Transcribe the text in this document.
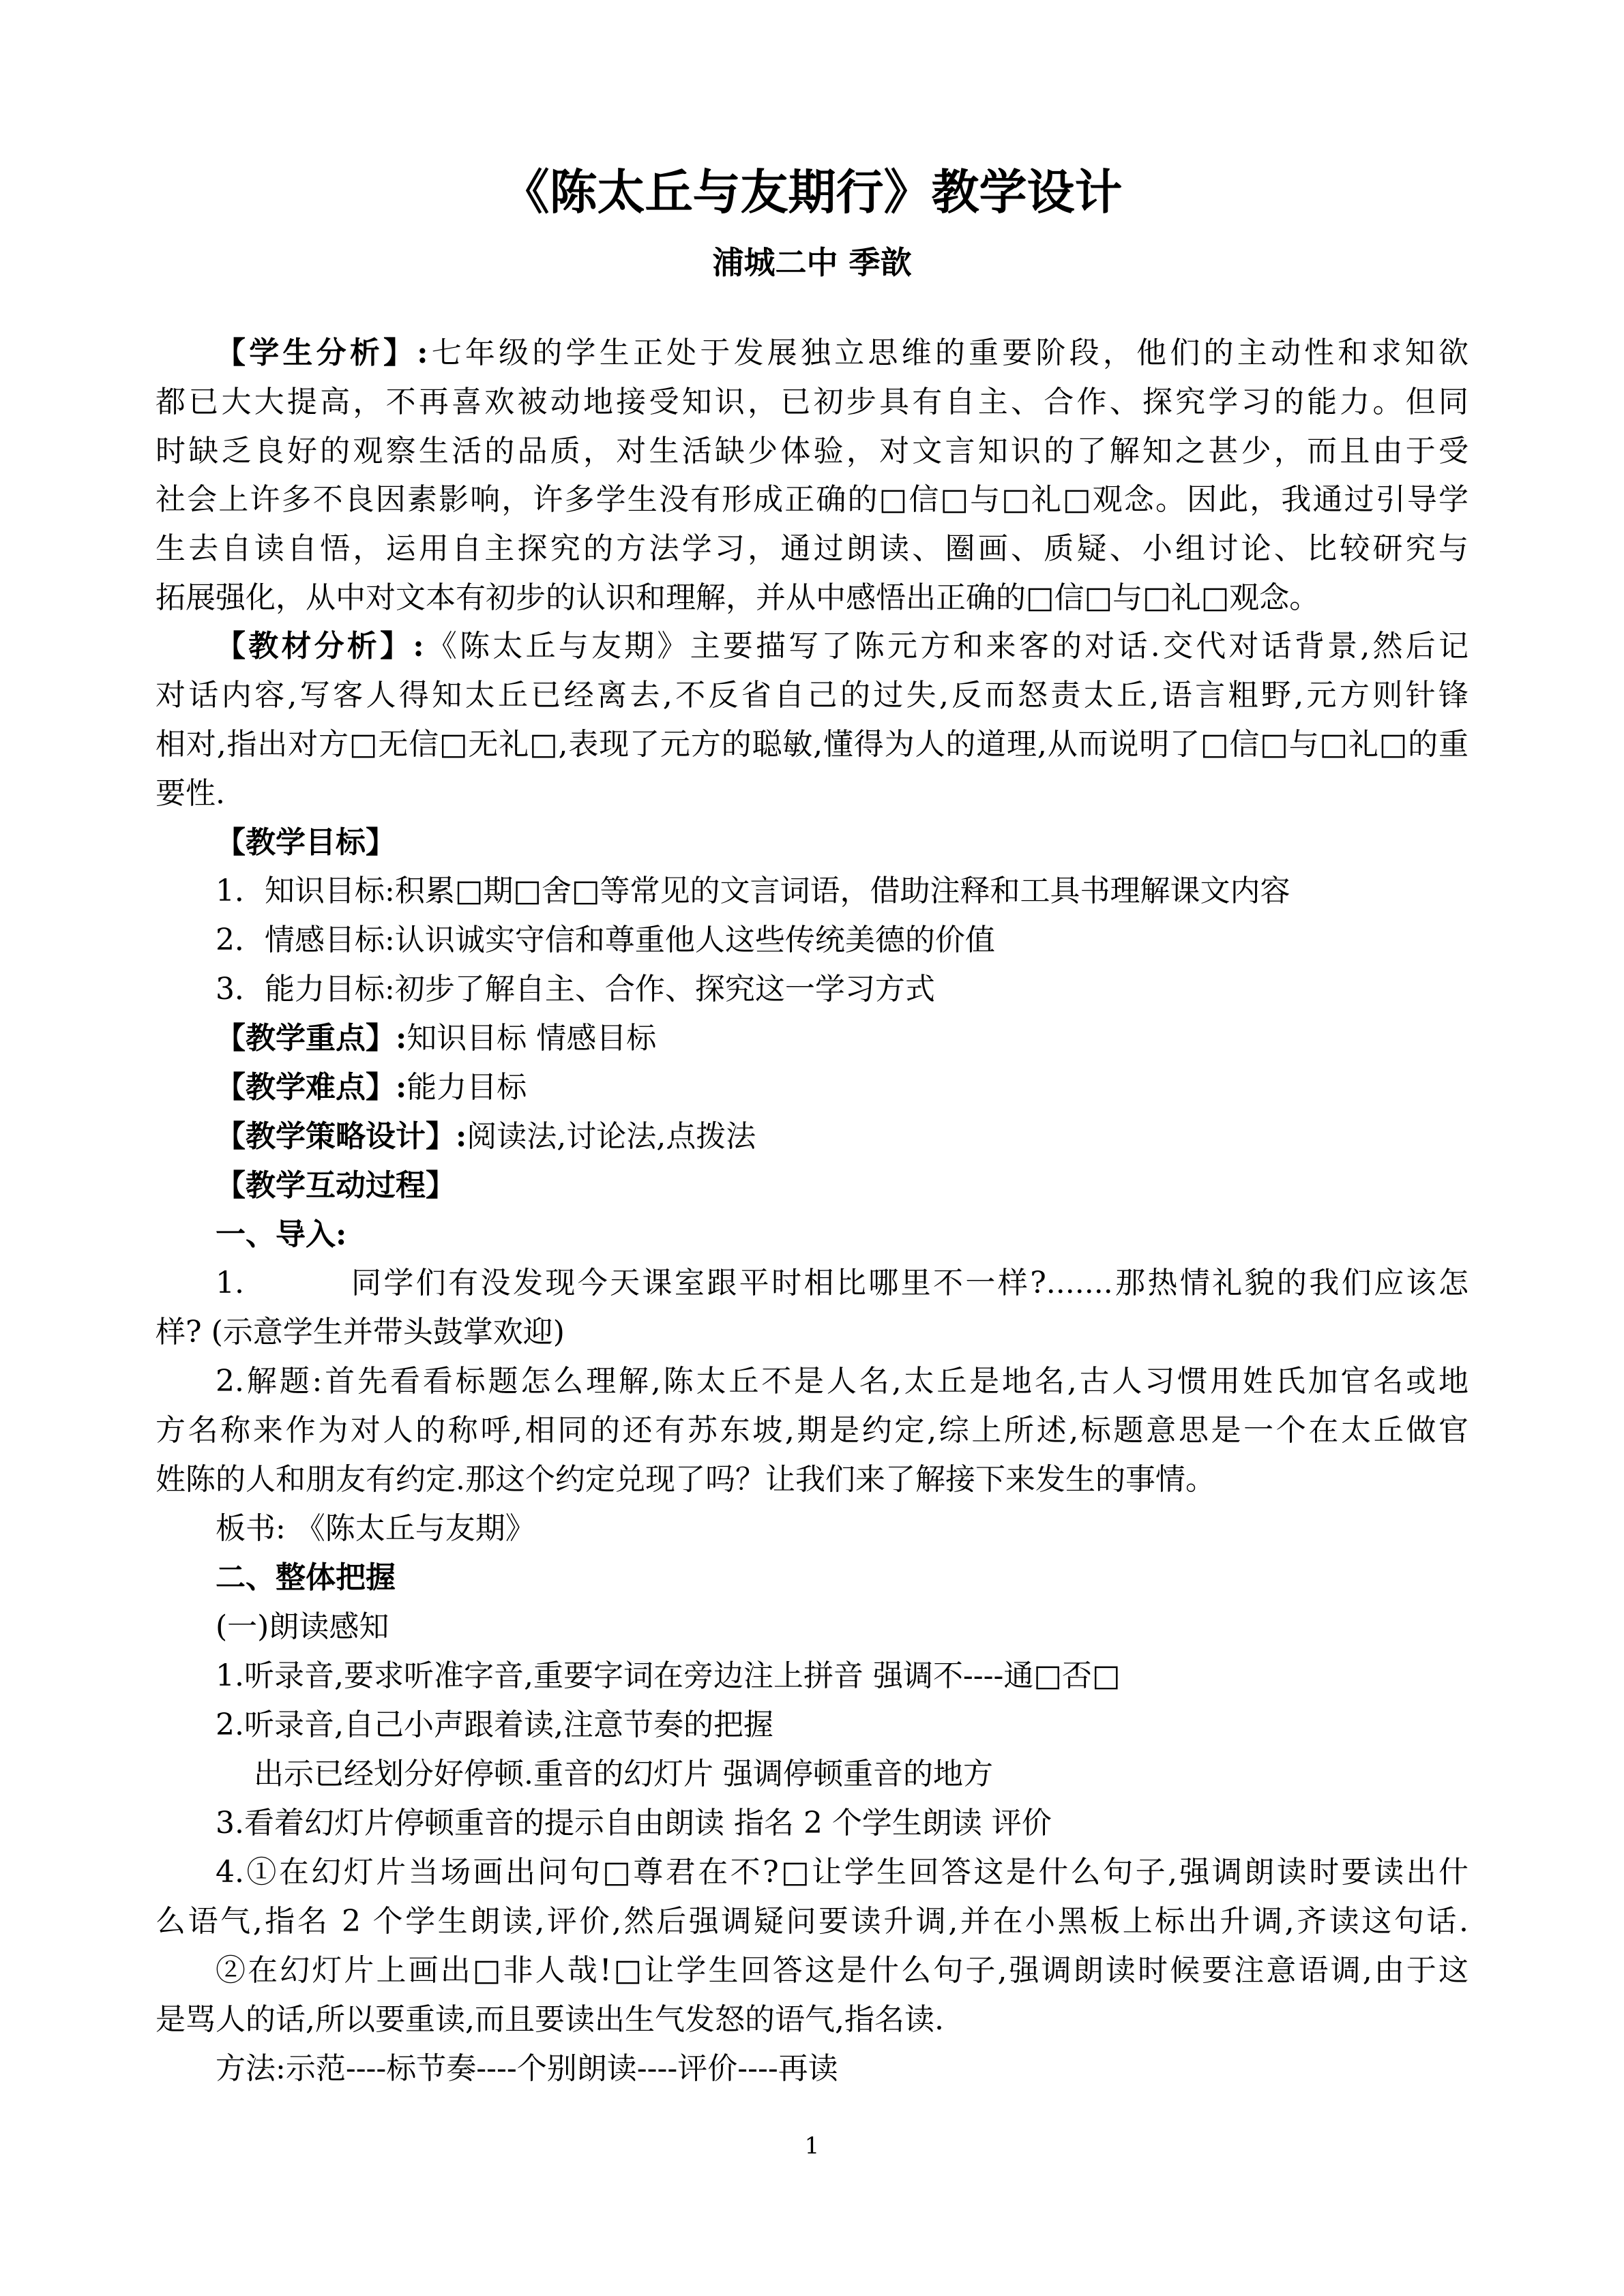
《陈太丘与友期行》教学设计
浦城二中 季歆
【学生分析】:七年级的学生正处于发展独立思维的重要阶段，他们的主动性和求知欲
都已大大提高，不再喜欢被动地接受知识，已初步具有自主、合作、探究学习的能力。但同
时缺乏良好的观察生活的品质，对生活缺少体验，对文言知识的了解知之甚少，而且由于受
社会上许多不良因素影响，许多学生没有形成正确的□信□与□礼□观念。因此，我通过引导学
生去自读自悟，运用自主探究的方法学习，通过朗读、圈画、质疑、小组讨论、比较研究与
拓展强化，从中对文本有初步的认识和理解，并从中感悟出正确的□信□与□礼□观念。
【教材分析】:《陈太丘与友期》主要描写了陈元方和来客的对话.交代对话背景,然后记
对话内容,写客人得知太丘已经离去,不反省自己的过失,反而怒责太丘,语言粗野,元方则针锋
相对,指出对方□无信□无礼□,表现了元方的聪敏,懂得为人的道理,从而说明了□信□与□礼□的重
要性.
【教学目标】
1．知识目标:积累□期□舍□等常见的文言词语，借助注释和工具书理解课文内容
2．情感目标:认识诚实守信和尊重他人这些传统美德的价值
3．能力目标:初步了解自主、合作、探究这一学习方式
【教学重点】:知识目标 情感目标
【教学难点】:能力目标
【教学策略设计】:阅读法,讨论法,点拨法
【教学互动过程】
一、导入:
1.	同学们有没发现今天课室跟平时相比哪里不一样?.......那热情礼貌的我们应该怎
样? (示意学生并带头鼓掌欢迎)
2.解题:首先看看标题怎么理解,陈太丘不是人名,太丘是地名,古人习惯用姓氏加官名或地
方名称来作为对人的称呼,相同的还有苏东坡,期是约定,综上所述,标题意思是一个在太丘做官
姓陈的人和朋友有约定.那这个约定兑现了吗？让我们来了解接下来发生的事情。
板书: 《陈太丘与友期》
二、整体把握
(一)朗读感知
1.听录音,要求听准字音,重要字词在旁边注上拼音 强调不----通□否□
2.听录音,自己小声跟着读,注意节奏的把握
出示已经划分好停顿.重音的幻灯片 强调停顿重音的地方
3.看着幻灯片停顿重音的提示自由朗读 指名 2 个学生朗读 评价
4.①在幻灯片当场画出问句□尊君在不?□让学生回答这是什么句子,强调朗读时要读出什
么语气,指名 2 个学生朗读,评价,然后强调疑问要读升调,并在小黑板上标出升调,齐读这句话.
②在幻灯片上画出□非人哉!□让学生回答这是什么句子,强调朗读时候要注意语调,由于这
是骂人的话,所以要重读,而且要读出生气发怒的语气,指名读.
方法:示范----标节奏----个别朗读----评价----再读
1
